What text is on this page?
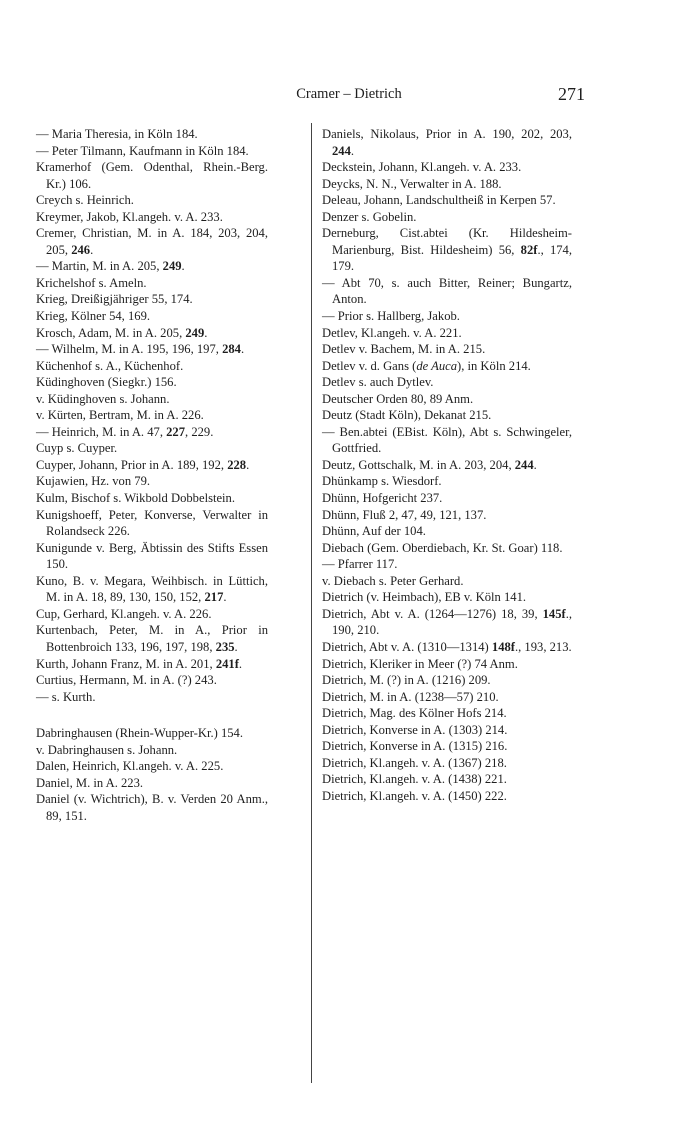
Cramer – Dietrich	271

— Maria Theresia, in Köln 184.

— Peter Tilmann, Kaufmann in Köln 184.

Kramerhof (Gem. Odenthal, Rhein.-Berg. Kr.) 106.

Creych s. Heinrich.

Kreymer, Jakob, Kl.angeh. v. A. 233.

Cremer, Christian, M. in A. 184, 203, 204, 205, 246.

— Martin, M. in A. 205, 249.

Krichelshof s. Ameln.

Krieg, Dreißigjähriger 55, 174.

Krieg, Kölner 54, 169.

Krosch, Adam, M. in A. 205, 249.

— Wilhelm, M. in A. 195, 196, 197, 284.

Küchenhof s. A., Küchenhof.

Küdinghoven (Siegkr.) 156.

v. Küdinghoven s. Johann.

v. Kürten, Bertram, M. in A. 226.

— Heinrich, M. in A. 47, 227, 229.

Cuyp s. Cuyper.

Cuyper, Johann, Prior in A. 189, 192, 228.

Kujawien, Hz. von 79.

Kulm, Bischof s. Wikbold Dobbelstein.

Kunigshoeff, Peter, Konverse, Verwalter in Rolandseck 226.

Kunigunde v. Berg, Äbtissin des Stifts Essen 150.

Kuno, B. v. Megara, Weihbisch. in Lüttich, M. in A. 18, 89, 130, 150, 152, 217.

Cup, Gerhard, Kl.angeh. v. A. 226.

Kurtenbach, Peter, M. in A., Prior in Bottenbroich 133, 196, 197, 198, 235.

Kurth, Johann Franz, M. in A. 201, 241f.

Curtius, Hermann, M. in A. (?) 243.

— s. Kurth.

Dabringhausen (Rhein-Wupper-Kr.) 154.

v. Dabringhausen s. Johann.

Dalen, Heinrich, Kl.angeh. v. A. 225.

Daniel, M. in A. 223.

Daniel (v. Wichtrich), B. v. Verden 20 Anm., 89, 151.

Daniels, Nikolaus, Prior in A. 190, 202, 203, 244.

Deckstein, Johann, Kl.angeh. v. A. 233.

Deycks, N. N., Verwalter in A. 188.

Deleau, Johann, Landschultheiß in Kerpen 57.

Denzer s. Gobelin.

Derneburg, Cist.abtei (Kr. Hildesheim-Marienburg, Bist. Hildesheim) 56, 82f., 174, 179.

— Abt 70, s. auch Bitter, Reiner; Bungartz, Anton.

— Prior s. Hallberg, Jakob.

Detlev, Kl.angeh. v. A. 221.

Detlev v. Bachem, M. in A. 215.

Detlev v. d. Gans (de Auca), in Köln 214.

Detlev s. auch Dytlev.

Deutscher Orden 80, 89 Anm.

Deutz (Stadt Köln), Dekanat 215.

— Ben.abtei (EBist. Köln), Abt s. Schwingeler, Gottfried.

Deutz, Gottschalk, M. in A. 203, 204, 244.

Dhünkamp s. Wiesdorf.

Dhünn, Hofgericht 237.

Dhünn, Fluß 2, 47, 49, 121, 137.

Dhünn, Auf der 104.

Diebach (Gem. Oberdiebach, Kr. St. Goar) 118.

— Pfarrer 117.

v. Diebach s. Peter Gerhard.

Dietrich (v. Heimbach), EB v. Köln 141.

Dietrich, Abt v. A. (1264—1276) 18, 39, 145f., 190, 210.

Dietrich, Abt v. A. (1310—1314) 148f., 193, 213.

Dietrich, Kleriker in Meer (?) 74 Anm.

Dietrich, M. (?) in A. (1216) 209.

Dietrich, M. in A. (1238—57) 210.

Dietrich, Mag. des Kölner Hofs 214.

Dietrich, Konverse in A. (1303) 214.

Dietrich, Konverse in A. (1315) 216.

Dietrich, Kl.angeh. v. A. (1367) 218.

Dietrich, Kl.angeh. v. A. (1438) 221.

Dietrich, Kl.angeh. v. A. (1450) 222.
